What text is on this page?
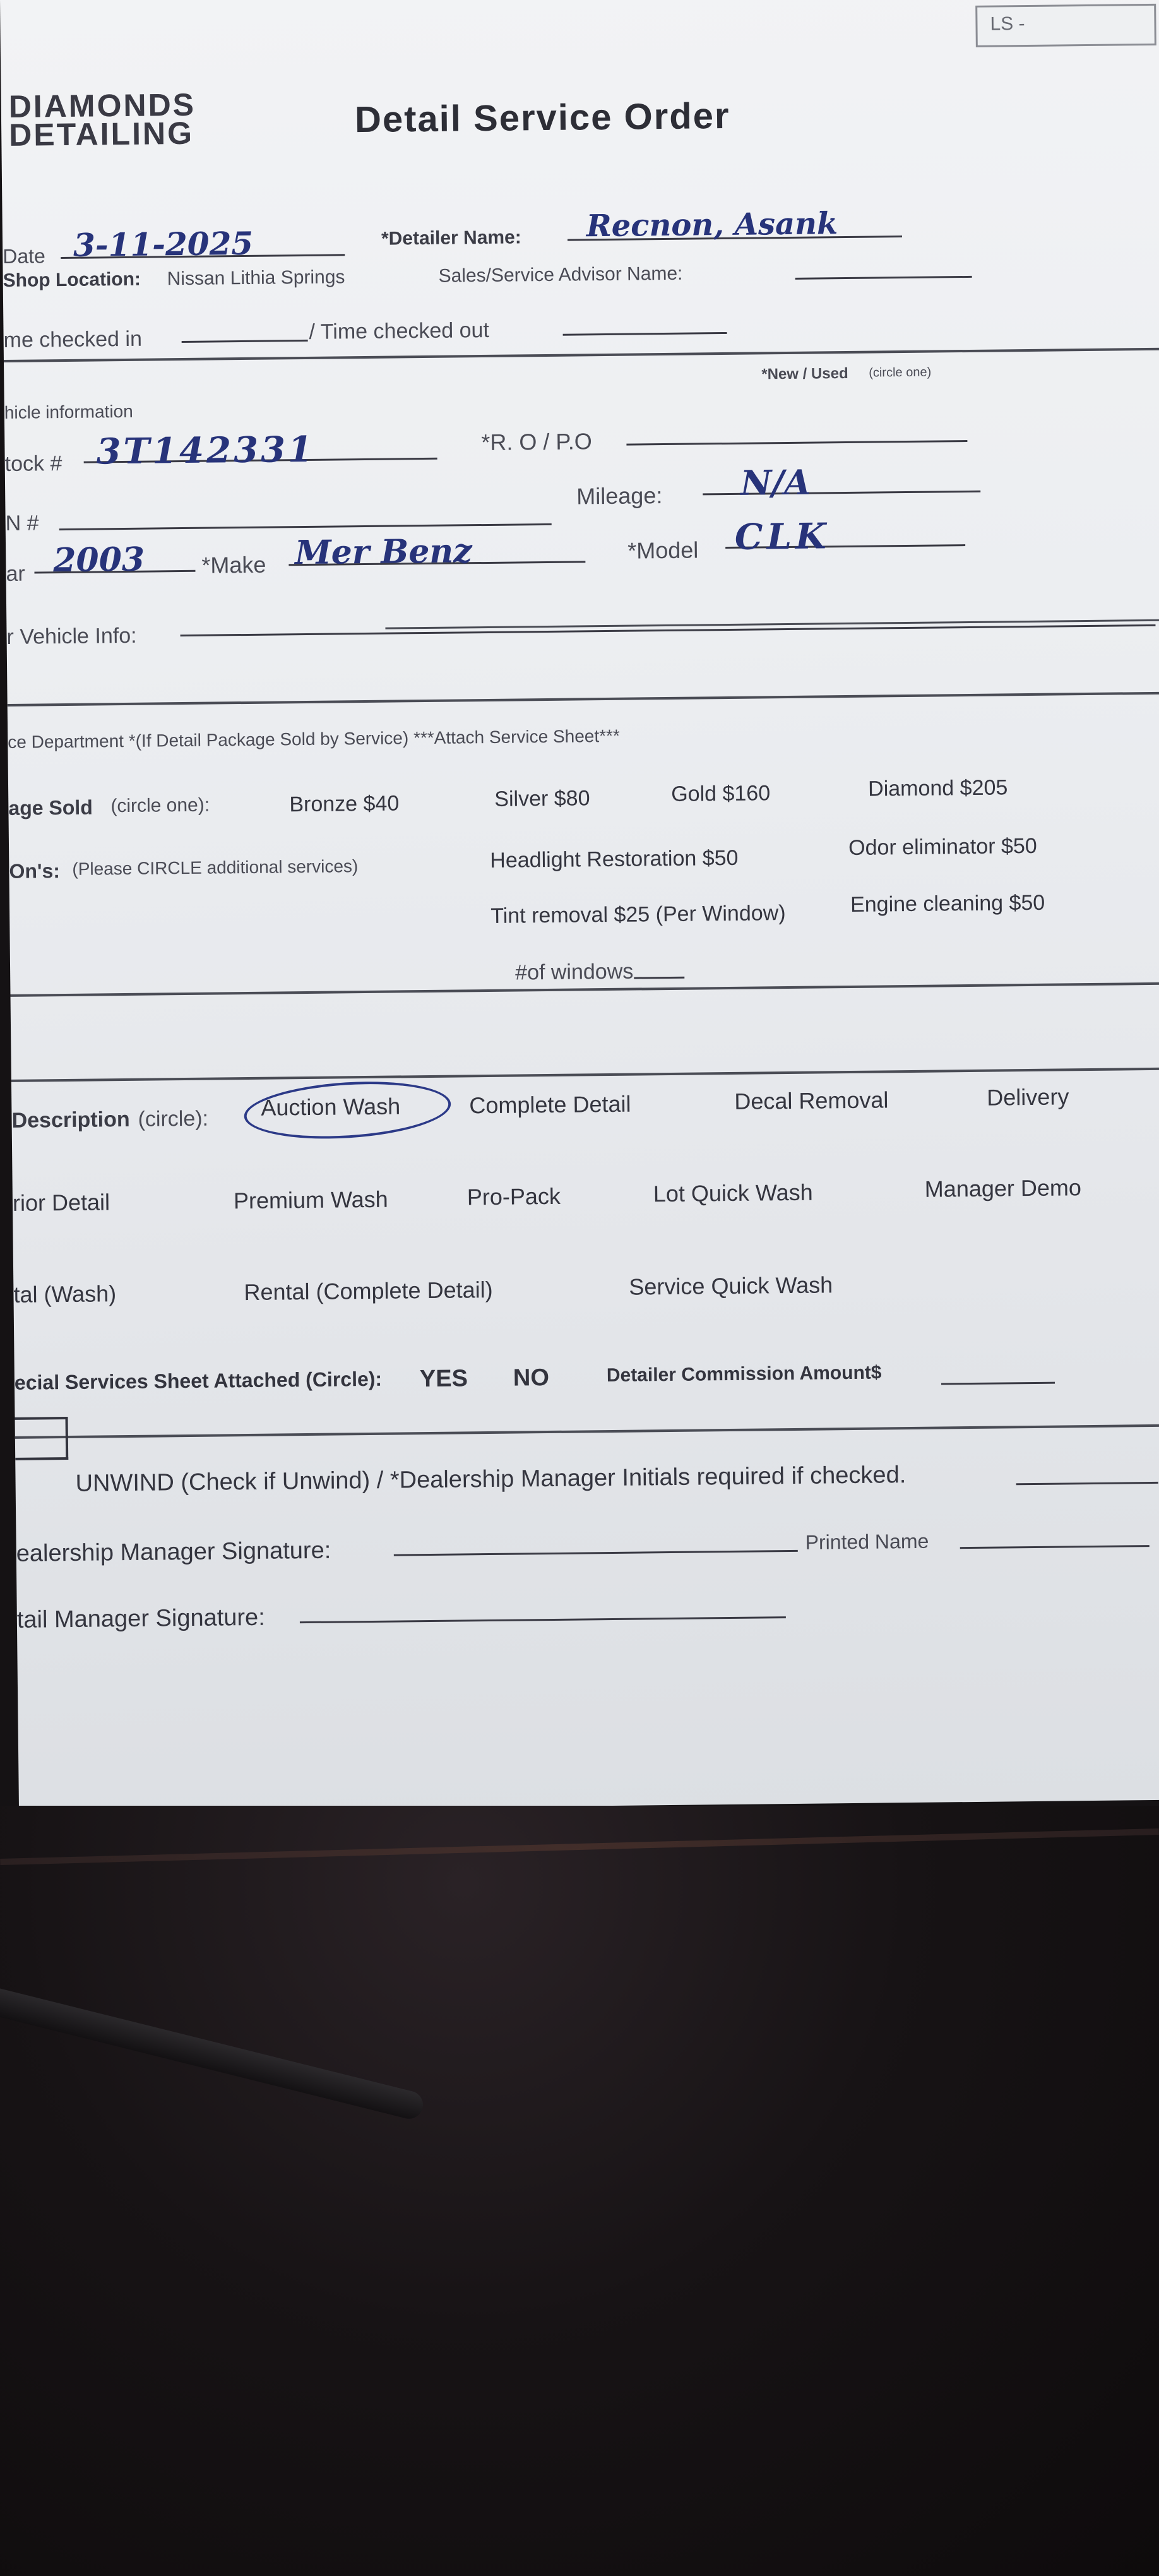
LS -
DIAMONDS
DETAILING	Detail Service Order
Date 3-11-2025	*Detailer Name:	Recnon, Asank
Shop Location: Nissan Lithia Springs	Sales/Service Advisor Name:
me checked in	/ Time checked out
hicle information
*New / Used (circle one)
tock # 3T142331	*R. O / P.O
N #
Mileage:	N/A
ar 2003	*Make Mer Benz	*Model CLK
r Vehicle Info:
ce Department *(If Detail Package Sold by Service) ***Attach Service Sheet***
age Sold (circle one):	Bronze $40	Silver $80	Gold $160	Diamond $205
On's: (Please CIRCLE additional services)	Headlight Restoration $50	Odor eliminator $50
Tint removal $25 (Per Window)	Engine cleaning $50
#of windows
Description (circle): Auction Wash	Complete Detail	Decal Removal	Delivery
rior Detail	Premium Wash	Pro-Pack	Lot Quick Wash	Manager Demo
tal (Wash)	Rental (Complete Detail)	Service Quick Wash
ecial Services Sheet Attached (Circle): YES NO	Detailer Commission Amount$
UNWIND (Check if Unwind) / *Dealership Manager Initials required if checked.
ealership Manager Signature:	Printed Name
tail Manager Signature:
